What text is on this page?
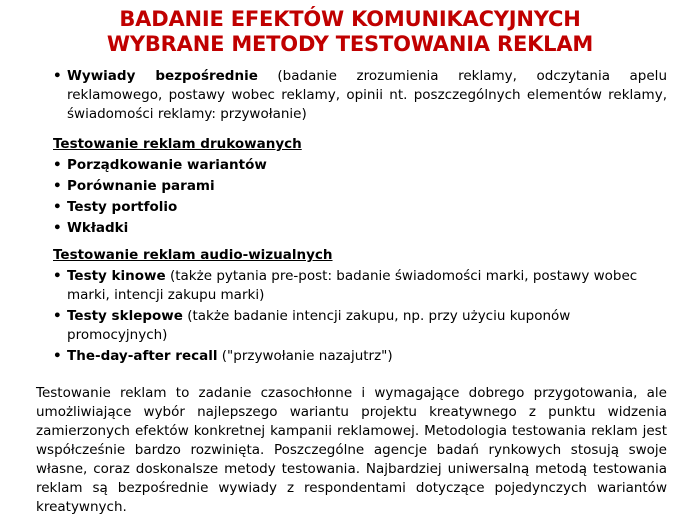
BADANIE EFEKTÓW KOMUNIKACYJNYCH
WYBRANE METODY TESTOWANIA REKLAM
• Wywiady bezpośrednie (badanie zrozumienia reklamy, odczytania apelu reklamowego, postawy wobec reklamy, opinii nt. poszczególnych elementów reklamy, świadomości reklamy: przywołanie)
Testowanie reklam drukowanych
• Porządkowanie wariantów
• Porównanie parami
• Testy portfolio
• Wkładki
Testowanie reklam audio-wizualnych
• Testy kinowe (także pytania pre-post: badanie świadomości marki, postawy wobec marki, intencji zakupu marki)
• Testy sklepowe (także badanie intencji zakupu, np. przy użyciu kuponów promocyjnych)
• The-day-after recall ("przywołanie nazajutrz")
Testowanie reklam to zadanie czasochłonne i wymagające dobrego przygotowania, ale umożliwiające wybór najlepszego wariantu projektu kreatywnego z punktu widzenia zamierzonych efektów konkretnej kampanii reklamowej. Metodologia testowania reklam jest współcześnie bardzo rozwinięta. Poszczególne agencje badań rynkowych stosują swoje własne, coraz doskonalsze metody testowania. Najbardziej uniwersalną metodą testowania reklam są bezpośrednie wywiady z respondentami dotyczące pojedynczych wariantów kreatywnych.
